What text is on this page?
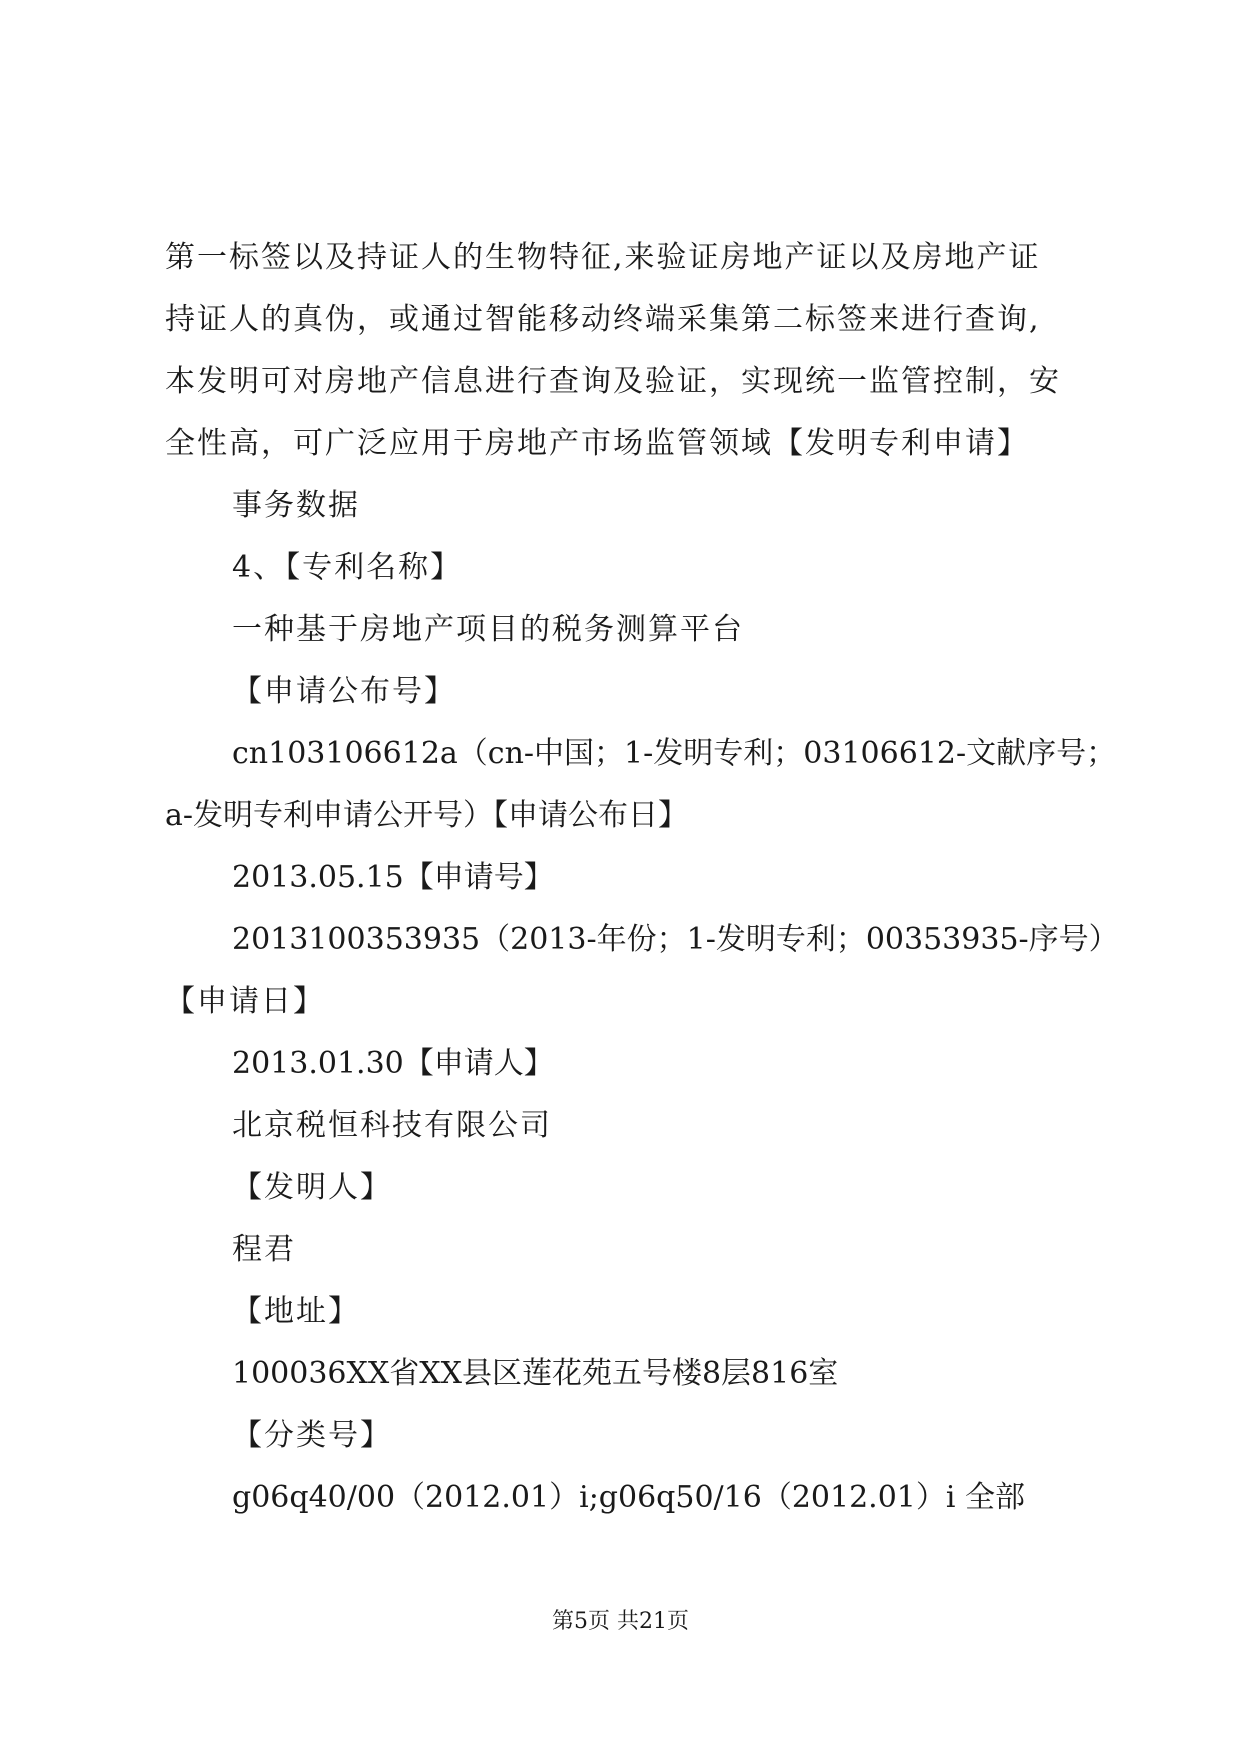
第一标签以及持证人的生物特征,来验证房地产证以及房地产证
持证人的真伪，或通过智能移动终端采集第二标签来进行查询,
本发明可对房地产信息进行查询及验证，实现统一监管控制，安
全性高，可广泛应用于房地产市场监管领域【发明专利申请】
事务数据
4、【专利名称】
一种基于房地产项目的税务测算平台
【申请公布号】
cn103106612a（cn-中国；1-发明专利；03106612-文献序号；
a-发明专利申请公开号）【申请公布日】
2013.05.15【申请号】
2013100353935（2013-年份；1-发明专利；00353935-序号）
【申请日】
2013.01.30【申请人】
北京税恒科技有限公司
【发明人】
程君
【地址】
100036XX省XX县区莲花苑五号楼8层816室
【分类号】
g06q40/00（2012.01）i;g06q50/16（2012.01）i 全部
第5页 共21页
